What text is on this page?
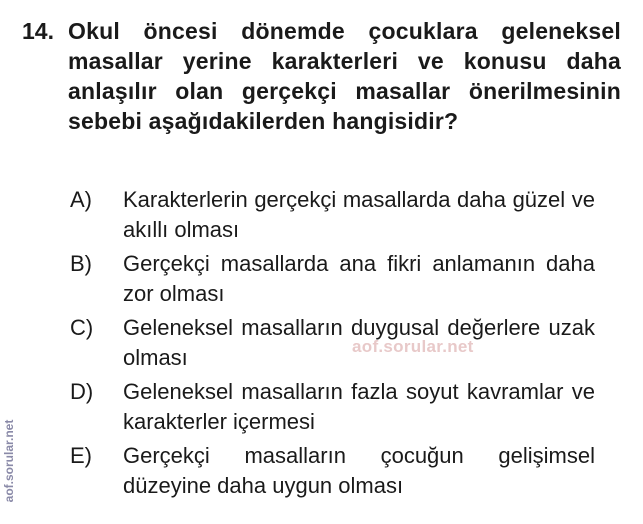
14. Okul öncesi dönemde çocuklara geleneksel masallar yerine karakterleri ve konusu daha anlaşılır olan gerçekçi masallar önerilmesinin sebebi aşağıdakilerden hangisidir?
A) Karakterlerin gerçekçi masallarda daha güzel ve akıllı olması
B) Gerçekçi masallarda ana fikri anlamanın daha zor olması
C) Geleneksel masalların duygusal değerlere uzak olması
D) Geleneksel masalların fazla soyut kavramlar ve karakterler içermesi
E) Gerçekçi masalların çocuğun gelişimsel düzeyine daha uygun olması
aof.sorular.net
aof.sorular.net
